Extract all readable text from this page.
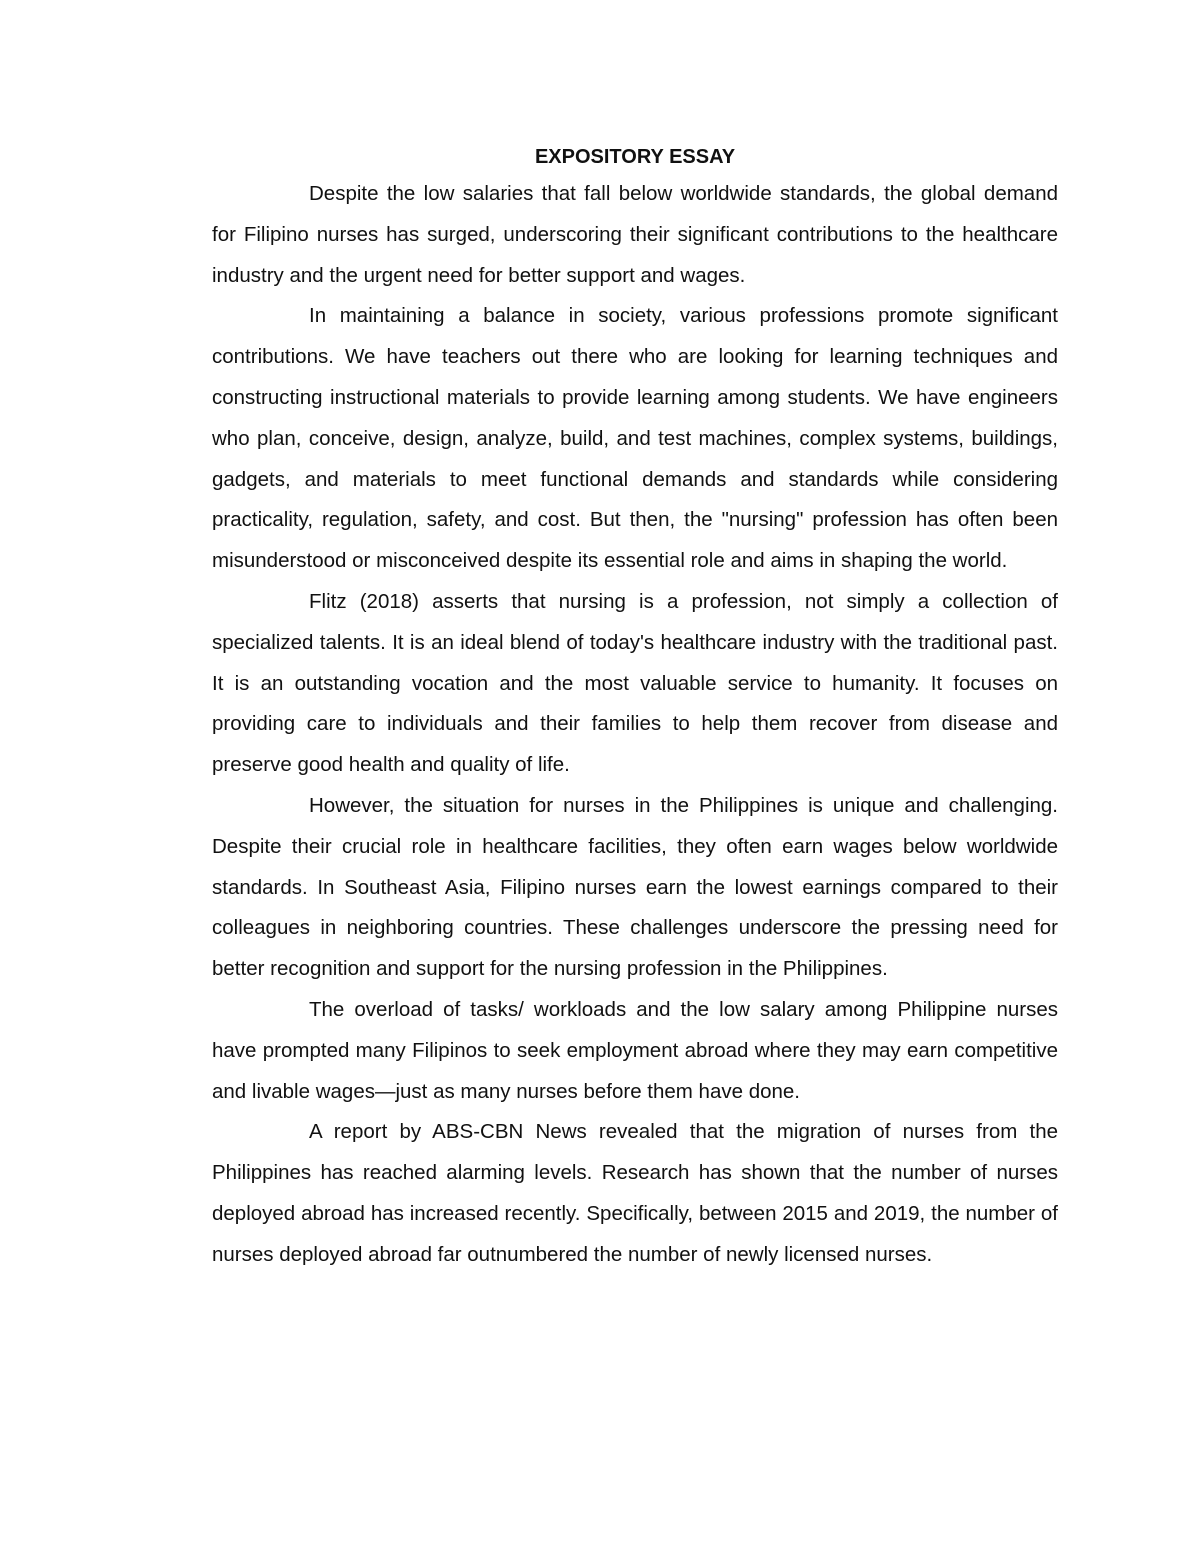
EXPOSITORY ESSAY

Despite the low salaries that fall below worldwide standards, the global demand for Filipino nurses has surged, underscoring their significant contributions to the healthcare industry and the urgent need for better support and wages.

In maintaining a balance in society, various professions promote significant contributions. We have teachers out there who are looking for learning techniques and constructing instructional materials to provide learning among students. We have engineers who plan, conceive, design, analyze, build, and test machines, complex systems, buildings, gadgets, and materials to meet functional demands and standards while considering practicality, regulation, safety, and cost. But then, the "nursing" profession has often been misunderstood or misconceived despite its essential role and aims in shaping the world.

Flitz (2018) asserts that nursing is a profession, not simply a collection of specialized talents. It is an ideal blend of today's healthcare industry with the traditional past. It is an outstanding vocation and the most valuable service to humanity. It focuses on providing care to individuals and their families to help them recover from disease and preserve good health and quality of life.

However, the situation for nurses in the Philippines is unique and challenging. Despite their crucial role in healthcare facilities, they often earn wages below worldwide standards. In Southeast Asia, Filipino nurses earn the lowest earnings compared to their colleagues in neighboring countries. These challenges underscore the pressing need for better recognition and support for the nursing profession in the Philippines.

The overload of tasks/ workloads and the low salary among Philippine nurses have prompted many Filipinos to seek employment abroad where they may earn competitive and livable wages—just as many nurses before them have done.

A report by ABS-CBN News revealed that the migration of nurses from the Philippines has reached alarming levels. Research has shown that the number of nurses deployed abroad has increased recently. Specifically, between 2015 and 2019, the number of nurses deployed abroad far outnumbered the number of newly licensed nurses.
